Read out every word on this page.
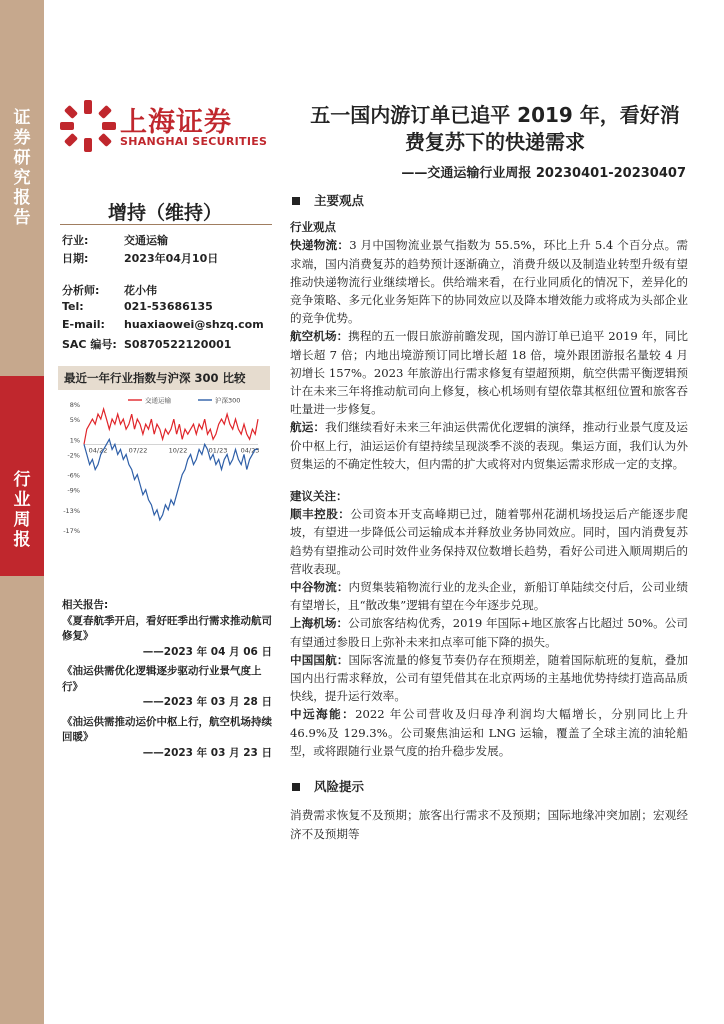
证
券
研
究
报
告
行
业
周
报
上海证券
SHANGHAI SECURITIES
五一国内游订单已追平 2019 年，看好消
费复苏下的快递需求
——交通运输行业周报 20230401-20230407
增持（维持）
行业:	交通运输
日期:	2023年04月10日
分析师: 花小伟
Tel:	021-53686135
E-mail: huaxiaowei@shzq.com
SAC 编号: S0870522120001
最近一年行业指数与沪深 300 比较
8%
5%
1%
-2%
-6%
-9%
-13%
-17%
04/22	07/22	10/22	01/23 04/23
交通运输	沪深300
相关报告:
《夏春航季开启，看好旺季出行需求推动航司修复》
——2023 年 04 月 06 日
《油运供需优化逻辑逐步驱动行业景气度上行》
——2023 年 03 月 28 日
《油运供需推动运价中枢上行，航空机场持续回暖》
——2023 年 03 月 23 日
主要观点
行业观点
快递物流：3 月中国物流业景气指数为 55.5%，环比上升 5.4 个百分点。需求端，国内消费复苏的趋势预计逐渐确立，消费升级以及制造业转型升级有望推动快递物流行业继续增长。供给端来看，在行业同质化的情况下，差异化的竞争策略、多元化业务矩阵下的协同效应以及降本增效能力或将成为头部企业的竞争优势。
航空机场：携程的五一假日旅游前瞻发现，国内游订单已追平 2019 年，同比增长超 7 倍；内地出境游预订同比增长超 18 倍，境外跟团游报名量较 4 月初增长 157%。2023 年旅游出行需求修复有望超预期，航空供需平衡逻辑预计在未来三年将推动航司向上修复，核心机场则有望依靠其枢纽位置和旅客吞吐量进一步修复。
航运：我们继续看好未来三年油运供需优化逻辑的演绎，推动行业景气度及运价中枢上行，油运运价有望持续呈现淡季不淡的表现。集运方面，我们认为外贸集运的不确定性较大，但内需的扩大或将对内贸集运需求形成一定的支撑。
建议关注：
顺丰控股：公司资本开支高峰期已过，随着鄂州花湖机场投运后产能逐步爬坡，有望进一步降低公司运输成本并释放业务协同效应。同时，国内消费复苏趋势有望推动公司时效件业务保持双位数增长趋势，看好公司进入顺周期后的营收表现。
中谷物流：内贸集装箱物流行业的龙头企业，新船订单陆续交付后，公司业绩有望增长，且“散改集”逻辑有望在今年逐步兑现。
上海机场：公司旅客结构优秀，2019 年国际+地区旅客占比超过 50%。公司有望通过参股日上弥补未来扣点率可能下降的损失。
中国国航：国际客流量的修复节奏仍存在预期差，随着国际航班的复航，叠加国内出行需求释放，公司有望凭借其在北京两场的主基地优势持续打造高品质快线，提升运行效率。
中远海能：2022 年公司营收及归母净利润均大幅增长，分别同比上升 46.9%及 129.3%。公司聚焦油运和 LNG 运输，覆盖了全球主流的油轮船型，或将跟随行业景气度的抬升稳步发展。
风险提示
消费需求恢复不及预期；旅客出行需求不及预期；国际地缘冲突加剧；宏观经济不及预期等
